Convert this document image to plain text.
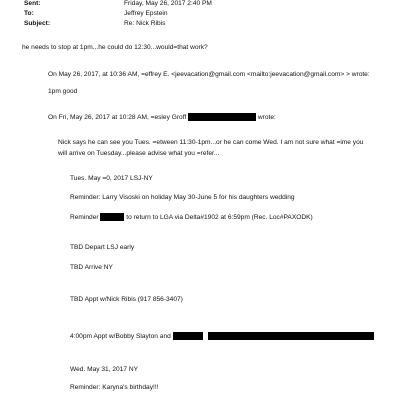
Sent:	Friday, May 26, 2017 2:40 PM
To:	Jeffrey Epstein
Subject:	Re: Nick Ribis
he needs to stop at 1pm...he could do 12:30...would=that work?
On May 26, 2017, at 10:36 AM, =effrey E. <jeevacation@gmail.com <mailto:jeevacation@gmail.com> > wrote:
1pm good
On Fri, May 26, 2017 at 10:28 AM, =esley Groff	wrote:
Nick says he can see you Tues. =etween 11:30-1pm...or he can come Wed. I am not sure what =ime you
will arrive on Tuesday...please advise what you =refer...
Tues. May =0, 2017 LSJ-NY
Reminder: Larry Visoski on holiday May 30-June 5 for his daughters wedding
Reminder	to return to LGA via Delta#1902 at 6:59pm (Rec. Loc#PAXODK)
TBD Depart LSJ early
TBD Arrive NY
TBD Appt w/Nick Ribis (917 856-3407)
4:00pm Appt w/Bobby Slayton and
Wed. May 31, 2017 NY
Reminder: Karyna's birthday!!!
